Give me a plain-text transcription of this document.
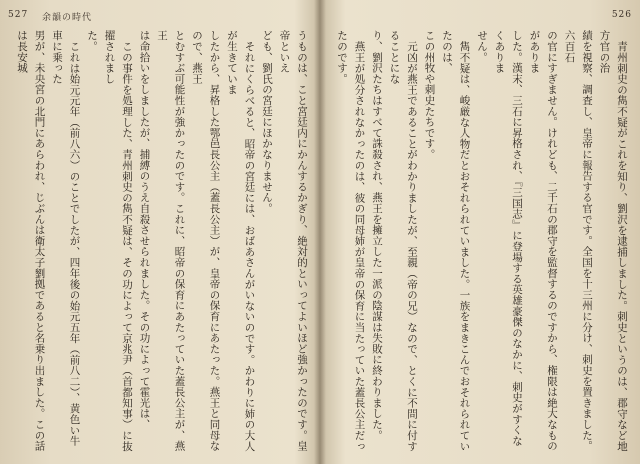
527 余韻の時代

うものは、こと宮廷内にかんするかぎり、絶対的といってよいほど強かったのです。皇帝といえ

ども、劉氏の宮廷にほかなりません。

それにくらべると、昭帝の宮廷には、おばあさんがいないのです。かわりに姉の大人が生きていま

したから、昇格した鄂邑長公主（蓋長公主）が、皇帝の保育にあたった。燕王と同母なので、燕王

とむすぶ可能性が強かったのです。これに、昭帝の保育にあたっていた蓋長公主が、燕王

は命拾いをしましたが、捕縛のうえ自殺させられました。その功によって霍光は、

この事件を処理した、青州刺史の雋不疑は、その功によって京兆尹（首都知事）に抜擢されまし

た。

これは始元元年（前八六）のことでしたが、四年後の始元五年（前八二）、黄色い牛車に乗った

男が、未央宮の北門にあらわれ、じぶんは衛太子劉拠であると名乗り出ました。この話は長安城

526

青州刺史の雋不疑がこれを知り、劉沢を逮捕しました。刺史というのは、郡守など地方官の治

績を視察、調査し、皇帝に報告する官です。全国を十三州に分け、刺史を置きました。六百石

の官にすぎません。けれども、二千石の郡守を監督するのですから、権限は絶大なものがありま

した。漢末、三石に昇格され、『三国志』に登場する英雄豪傑のなかに、刺史がすくなくありま

せん。

雋不疑は、峻厳な人物だとおそれられていました。一族をまきこんでおそれられていたのは、

この州牧や刺史たちです。

元凶が燕王であることがわかりましたが、至親（帝の兄）なので、とくに不問に付することにな

り、劉沢たちはすべて誅殺され、燕王を擁立した一派の陰謀は失敗に終わりました。

燕王が処分されなかったのは、彼の同母姉が皇帝の保育に当たっていた蓋長公主だったのです。
